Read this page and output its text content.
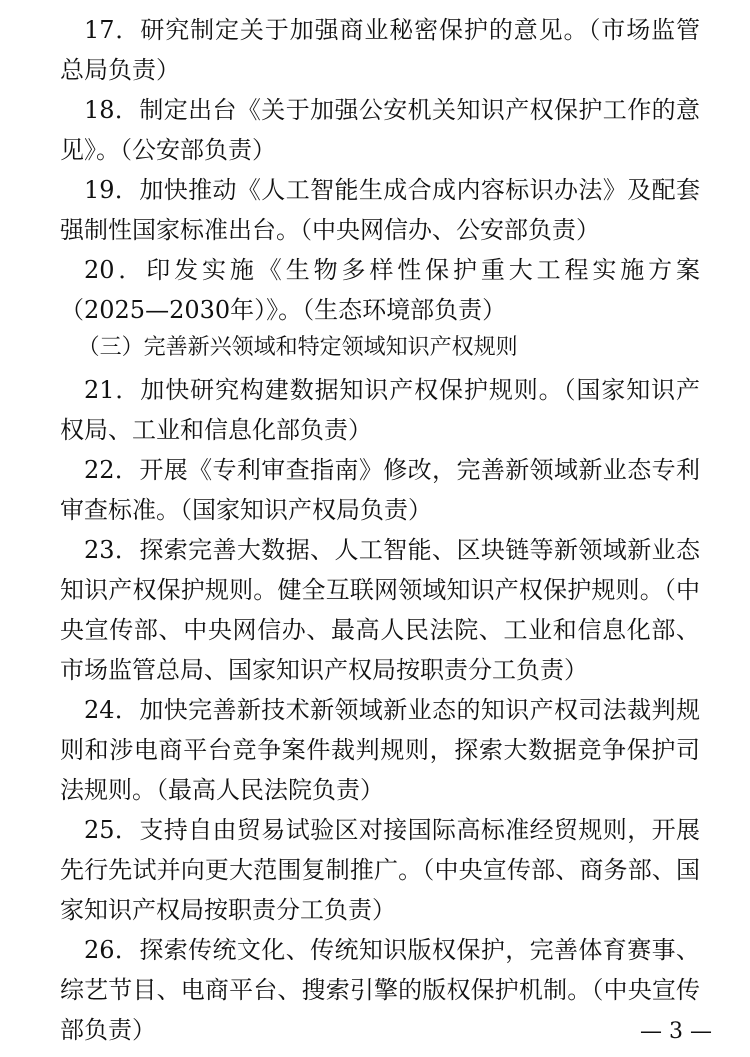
17．研究制定关于加强商业秘密保护的意见。（市场监管总局负责）

18．制定出台《关于加强公安机关知识产权保护工作的意见》。（公安部负责）

19．加快推动《人工智能生成合成内容标识办法》及配套强制性国家标准出台。（中央网信办、公安部负责）

20．印发实施《生物多样性保护重大工程实施方案（2025—2030年）》。（生态环境部负责）

（三）完善新兴领域和特定领域知识产权规则

21．加快研究构建数据知识产权保护规则。（国家知识产权局、工业和信息化部负责）

22．开展《专利审查指南》修改，完善新领域新业态专利审查标准。（国家知识产权局负责）

23．探索完善大数据、人工智能、区块链等新领域新业态知识产权保护规则。健全互联网领域知识产权保护规则。（中央宣传部、中央网信办、最高人民法院、工业和信息化部、市场监管总局、国家知识产权局按职责分工负责）

24．加快完善新技术新领域新业态的知识产权司法裁判规则和涉电商平台竞争案件裁判规则，探索大数据竞争保护司法规则。（最高人民法院负责）

25．支持自由贸易试验区对接国际高标准经贸规则，开展先行先试并向更大范围复制推广。（中央宣传部、商务部、国家知识产权局按职责分工负责）

26．探索传统文化、传统知识版权保护，完善体育赛事、综艺节目、电商平台、搜索引擎的版权保护机制。（中央宣传部负责）	— 3 —
